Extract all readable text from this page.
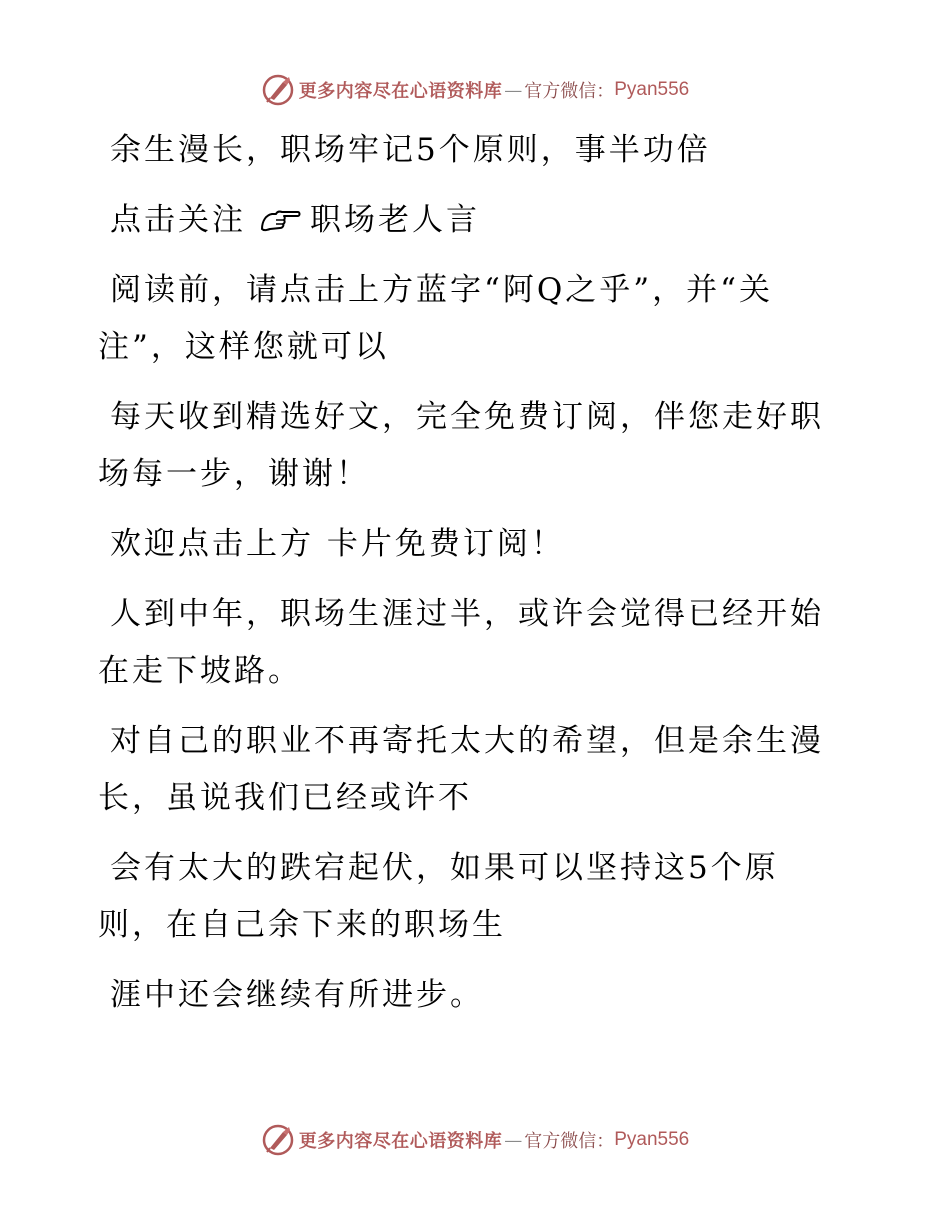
更多内容尽在心语资料库 — 官方微信： Pyan556

余生漫长，职场牢记5个原则，事半功倍

点击关注 职场老人言

阅读前，请点击上方蓝字“阿Q之乎”，并“关注”，这样您就可以

每天收到精选好文，完全免费订阅，伴您走好职场每一步，谢谢！

欢迎点击上方 卡片免费订阅！

人到中年，职场生涯过半，或许会觉得已经开始在走下坡路。

对自己的职业不再寄托太大的希望，但是余生漫长，虽说我们已经或许不

会有太大的跌宕起伏，如果可以坚持这5个原则，在自己余下来的职场生

涯中还会继续有所进步。

更多内容尽在心语资料库 — 官方微信： Pyan556
